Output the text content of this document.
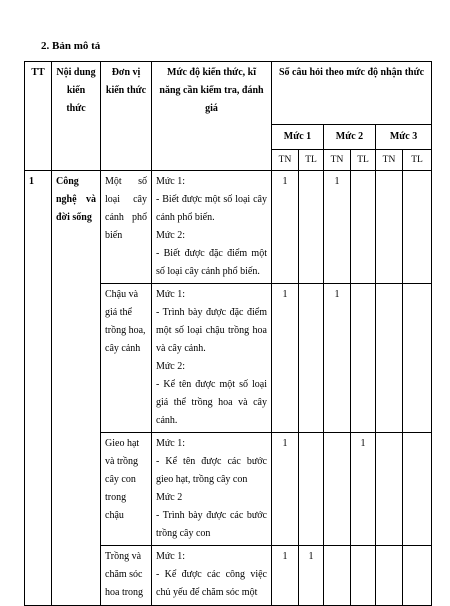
2. Bản mô tả
TT	Nội dung kiến thức	Đơn vị kiến thức	Mức độ kiến thức, kĩ năng cần kiểm tra, đánh giá	Số câu hỏi theo mức độ nhận thức					
				Mức 1		Mức 2		Mức 3	
				TN	TL	TN	TL	TN	TL
1	Công nghệ và đời sống	Một số loại cây cảnh phổ biến	Mức 1:
- Biết được một số loại cây cảnh phổ biến.
Mức 2:
- Biết được đặc điểm một số loại cây cảnh phổ biến.	1		1			
		Chậu và giá thể trồng hoa, cây cảnh	Mức 1:
- Trình bày được đặc điểm một số loại chậu trồng hoa và cây cảnh.
Mức 2:
- Kể tên được một số loại giá thể trồng hoa và cây cảnh.	1		1			
		Gieo hạt và trồng cây con trong chậu	Mức 1:
- Kể tên được các bước gieo hạt, trồng cây con
Mức 2
- Trình bày được các bước trồng cây con	1			1		
		Trồng và chăm sóc hoa trong	Mức 1:
- Kể được các công việc chủ yếu để chăm sóc một	1	1				
